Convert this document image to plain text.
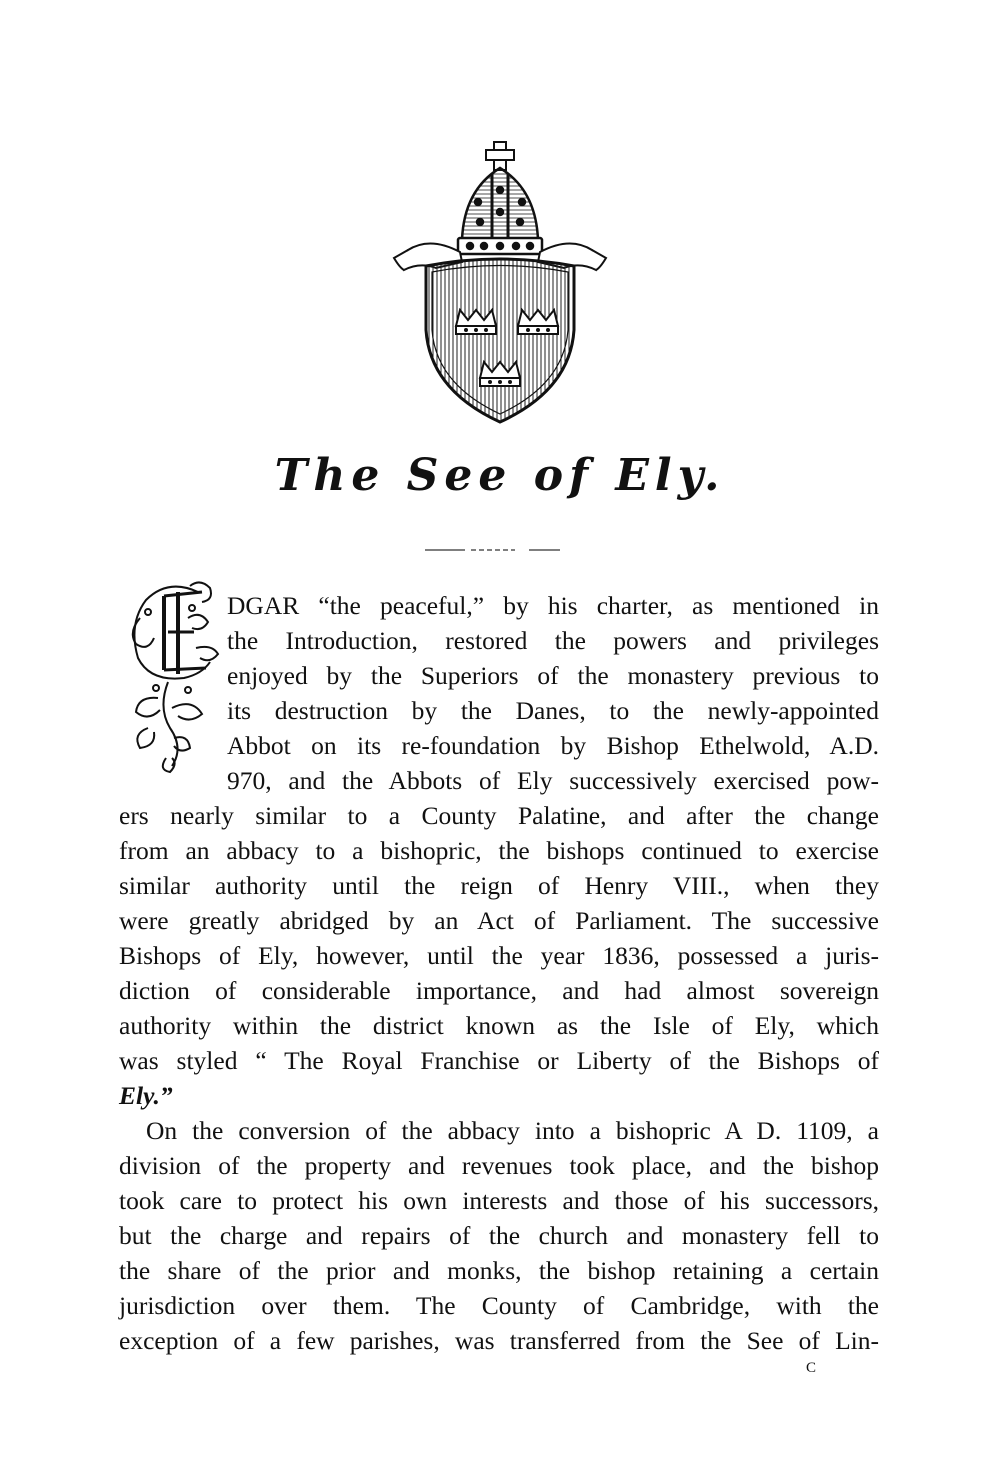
The See of Ely.
E
DGAR “the peaceful,” by his charter, as mentioned in
the Introduction, restored the powers and privileges
enjoyed by the Superiors of the monastery previous to
its destruction by the Danes, to the newly-appointed
Abbot on its re-foundation by Bishop Ethelwold, A.D.
970, and the Abbots of Ely successively exercised pow-
ers nearly similar to a County Palatine, and after the change
from an abbacy to a bishopric, the bishops continued to exercise
similar authority until the reign of Henry VIII., when they
were greatly abridged by an Act of Parliament. The successive
Bishops of Ely, however, until the year 1836, possessed a juris-
diction of considerable importance, and had almost sovereign
authority within the district known as the Isle of Ely, which
was styled “ The Royal Franchise or Liberty of the Bishops of
Ely.”
On the conversion of the abbacy into a bishopric A D. 1109, a
division of the property and revenues took place, and the bishop
took care to protect his own interests and those of his successors,
but the charge and repairs of the church and monastery fell to
the share of the prior and monks, the bishop retaining a certain
jurisdiction over them. The County of Cambridge, with the
exception of a few parishes, was transferred from the See of Lin-
c
